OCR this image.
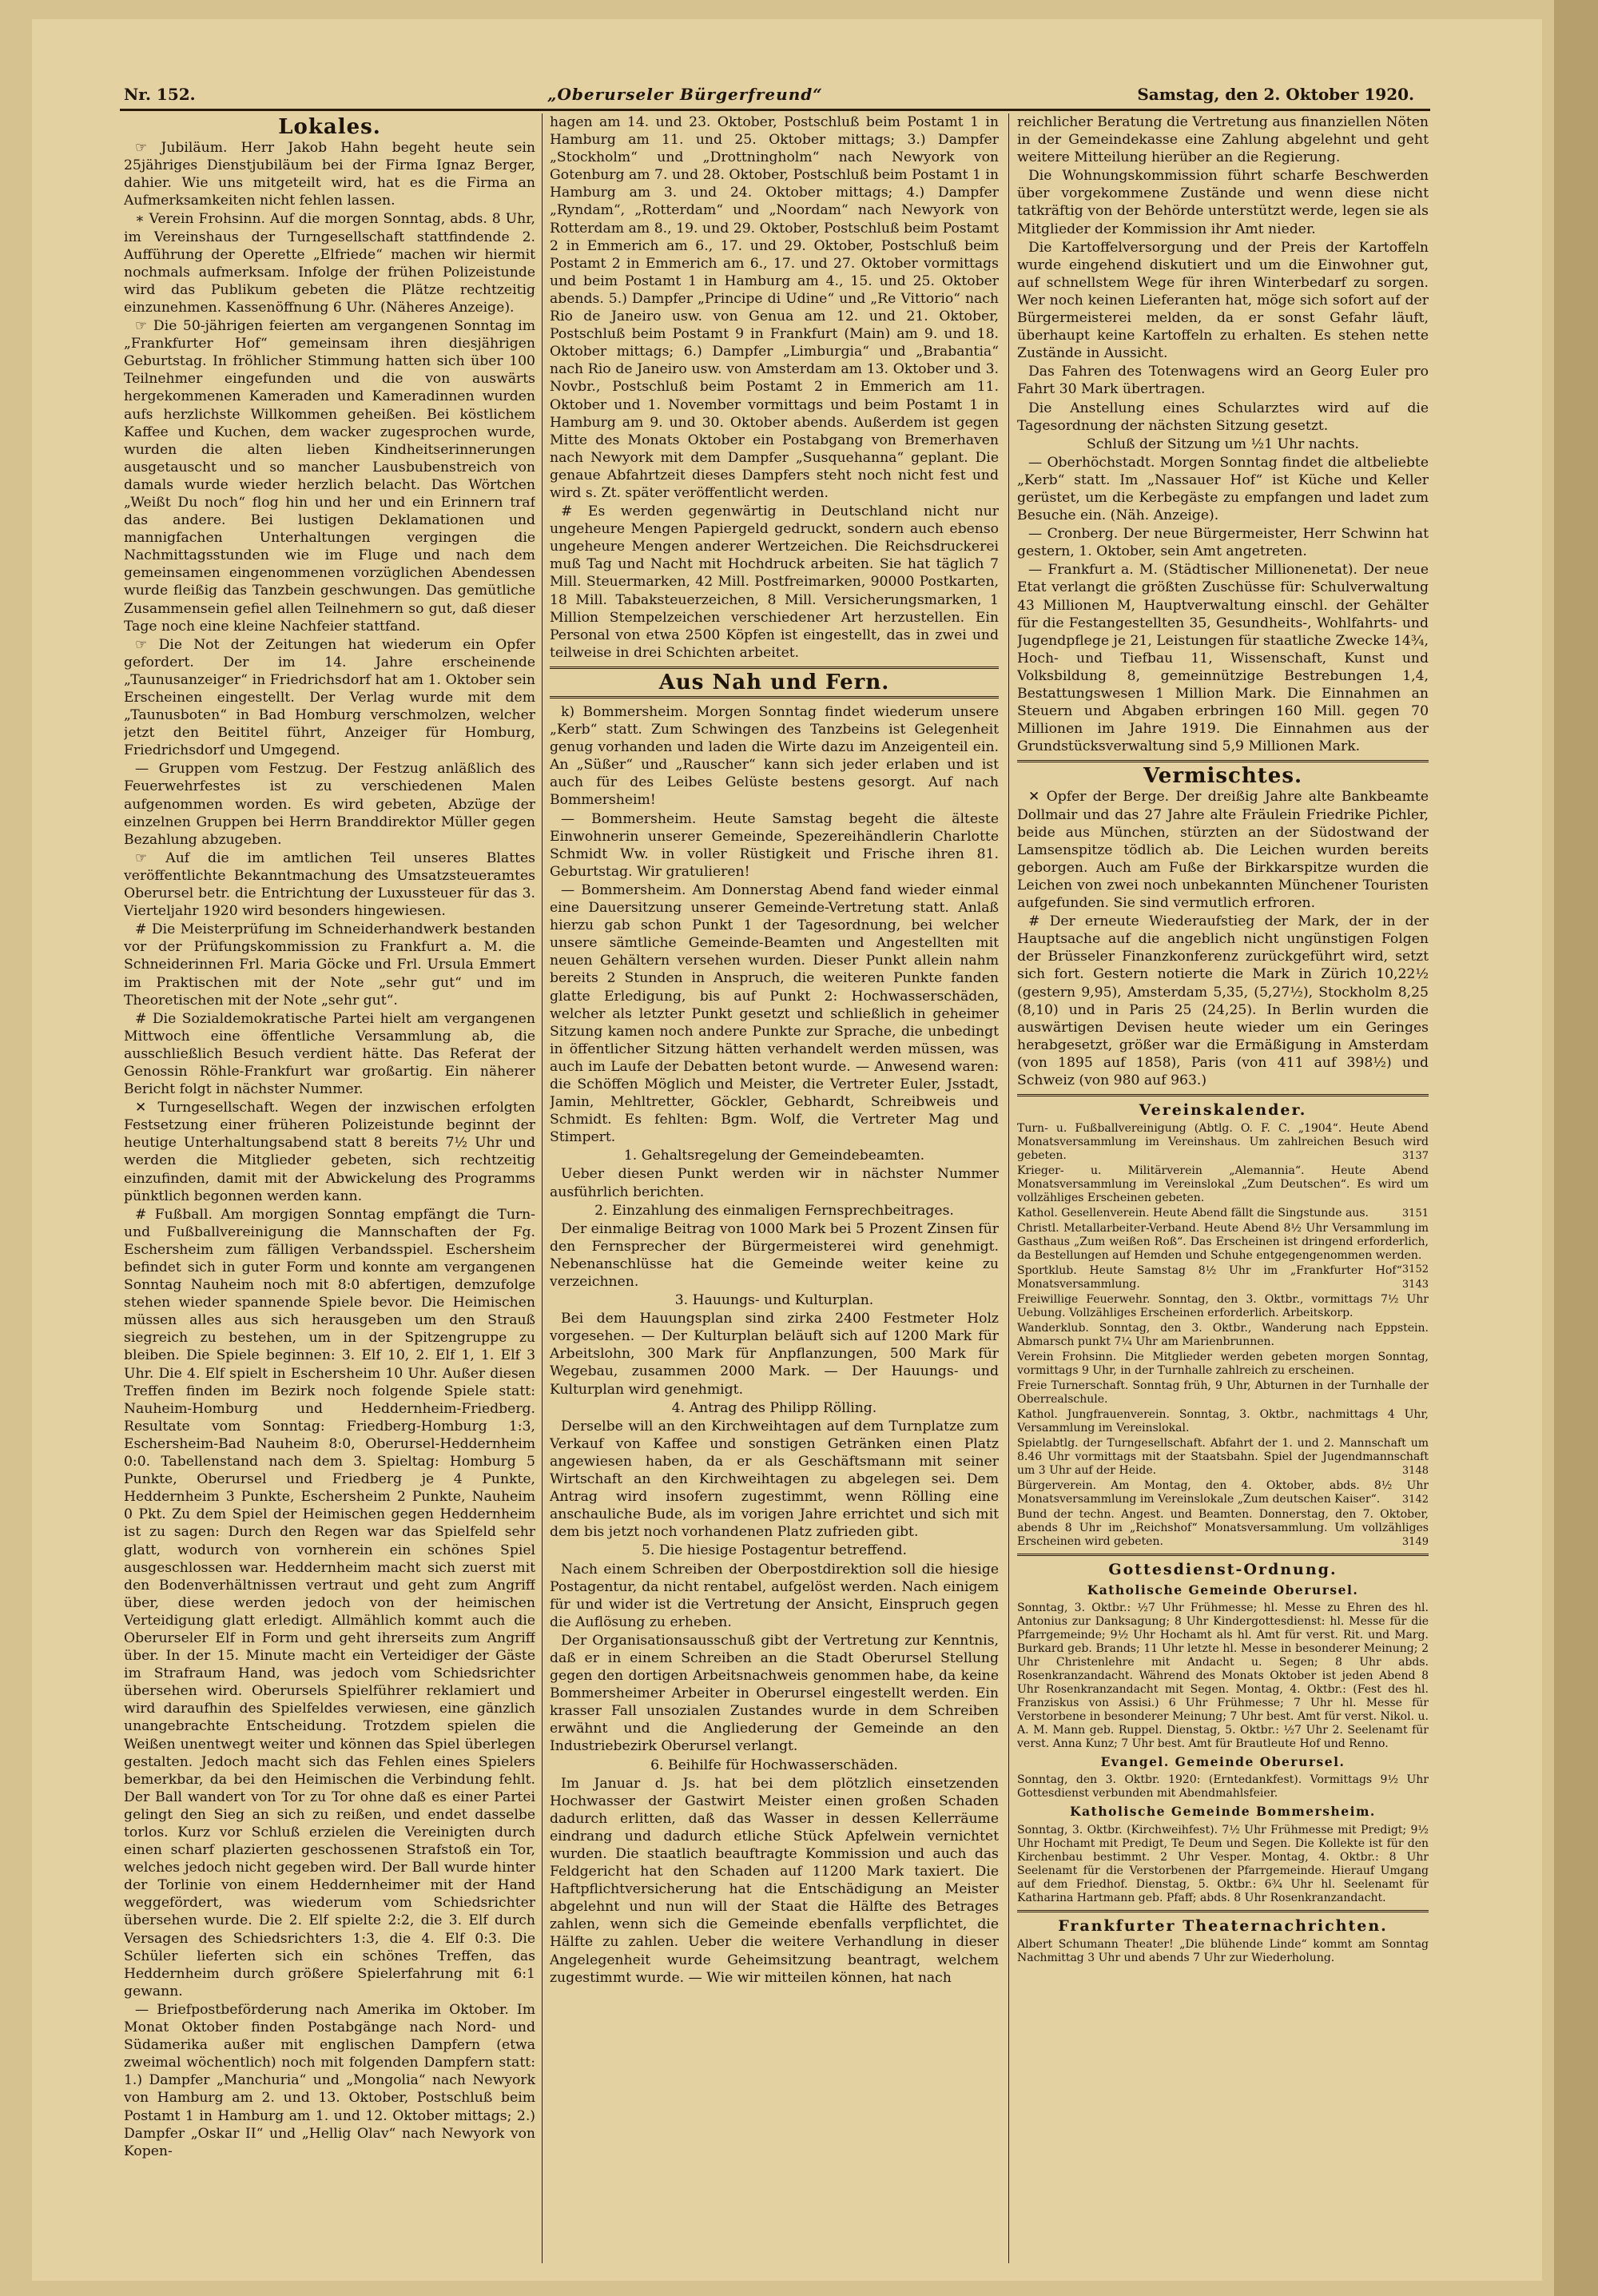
Nr. 152.	„Oberurseler Bürgerfreund“	Samstag, den 2. Oktober 1920.
Lokales.

☞ Jubiläum. Herr Jakob Hahn begeht heute sein 25jähriges Dienstjubiläum bei der Firma Ignaz Berger, dahier. Wie uns mitgeteilt wird, hat es die Firma an Aufmerksamkeiten nicht fehlen lassen.

∗ Verein Frohsinn. Auf die morgen Sonntag, abds. 8 Uhr, im Vereinshaus der Turngesellschaft stattfindende 2. Aufführung der Operette „Elfriede“ machen wir hiermit nochmals aufmerksam. Infolge der frühen Polizeistunde wird das Publikum gebeten die Plätze rechtzeitig einzunehmen. Kassenöffnung 6 Uhr. (Näheres Anzeige).

☞ Die 50-jährigen feierten am vergangenen Sonntag im „Frankfurter Hof“ gemeinsam ihren diesjährigen Geburtstag. In fröhlicher Stimmung hatten sich über 100 Teilnehmer eingefunden und die von auswärts hergekommenen Kameraden und Kameradinnen wurden aufs herzlichste Willkommen geheißen. Bei köstlichem Kaffee und Kuchen, dem wacker zugesprochen wurde, wurden die alten lieben Kindheitserinnerungen ausgetauscht und so mancher Lausbubenstreich von damals wurde wieder herzlich belacht. Das Wörtchen „Weißt Du noch“ flog hin und her und ein Erinnern traf das andere. Bei lustigen Deklamationen und mannigfachen Unterhaltungen vergingen die Nachmittagsstunden wie im Fluge und nach dem gemeinsamen eingenommenen vorzüglichen Abendessen wurde fleißig das Tanzbein geschwungen. Das gemütliche Zusammensein gefiel allen Teilnehmern so gut, daß dieser Tage noch eine kleine Nachfeier stattfand.

☞ Die Not der Zeitungen hat wiederum ein Opfer gefordert. Der im 14. Jahre erscheinende „Taunusanzeiger“ in Friedrichsdorf hat am 1. Oktober sein Erscheinen eingestellt. Der Verlag wurde mit dem „Taunusboten“ in Bad Homburg verschmolzen, welcher jetzt den Beititel führt, Anzeiger für Homburg, Friedrichsdorf und Umgegend.

— Gruppen vom Festzug. Der Festzug anläßlich des Feuerwehrfestes ist zu verschiedenen Malen aufgenommen worden. Es wird gebeten, Abzüge der einzelnen Gruppen bei Herrn Branddirektor Müller gegen Bezahlung abzugeben.

☞ Auf die im amtlichen Teil unseres Blattes veröffentlichte Bekanntmachung des Umsatzsteueramtes Oberursel betr. die Entrichtung der Luxussteuer für das 3. Vierteljahr 1920 wird besonders hingewiesen.

# Die Meisterprüfung im Schneiderhandwerk bestanden vor der Prüfungskommission zu Frankfurt a. M. die Schneiderinnen Frl. Maria Göcke und Frl. Ursula Emmert im Praktischen mit der Note „sehr gut“ und im Theoretischen mit der Note „sehr gut“.

# Die Sozialdemokratische Partei hielt am vergangenen Mittwoch eine öffentliche Versammlung ab, die ausschließlich Besuch verdient hätte. Das Referat der Genossin Röhle-Frankfurt war großartig. Ein näherer Bericht folgt in nächster Nummer.

✕ Turngesellschaft. Wegen der inzwischen erfolgten Festsetzung einer früheren Polizeistunde beginnt der heutige Unterhaltungsabend statt 8 bereits 7½ Uhr und werden die Mitglieder gebeten, sich rechtzeitig einzufinden, damit mit der Abwickelung des Programms pünktlich begonnen werden kann.

# Fußball. Am morgigen Sonntag empfängt die Turn- und Fußballvereinigung die Mannschaften der Fg. Eschersheim zum fälligen Verbandsspiel. Eschersheim befindet sich in guter Form und konnte am vergangenen Sonntag Nauheim noch mit 8:0 abfertigen, demzufolge stehen wieder spannende Spiele bevor. Die Heimischen müssen alles aus sich herausgeben um den Strauß siegreich zu bestehen, um in der Spitzengruppe zu bleiben. Die Spiele beginnen: 3. Elf 10, 2. Elf 1, 1. Elf 3 Uhr. Die 4. Elf spielt in Eschersheim 10 Uhr. Außer diesen Treffen finden im Bezirk noch folgende Spiele statt: Nauheim-Homburg und Heddernheim-Friedberg. Resultate vom Sonntag: Friedberg-Homburg 1:3, Eschersheim-Bad Nauheim 8:0, Oberursel-Heddernheim 0:0. Tabellenstand nach dem 3. Spieltag: Homburg 5 Punkte, Oberursel und Friedberg je 4 Punkte, Heddernheim 3 Punkte, Eschersheim 2 Punkte, Nauheim 0 Pkt. Zu dem Spiel der Heimischen gegen Heddernheim ist zu sagen: Durch den Regen war das Spielfeld sehr glatt, wodurch von vornherein ein schönes Spiel ausgeschlossen war. Heddernheim macht sich zuerst mit den Bodenverhältnissen vertraut und geht zum Angriff über, diese werden jedoch von der heimischen Verteidigung glatt erledigt. Allmählich kommt auch die Oberurseler Elf in Form und geht ihrerseits zum Angriff über. In der 15. Minute macht ein Verteidiger der Gäste im Strafraum Hand, was jedoch vom Schiedsrichter übersehen wird. Oberursels Spielführer reklamiert und wird daraufhin des Spielfeldes verwiesen, eine gänzlich unangebrachte Entscheidung. Trotzdem spielen die Weißen unentwegt weiter und können das Spiel überlegen gestalten. Jedoch macht sich das Fehlen eines Spielers bemerkbar, da bei den Heimischen die Verbindung fehlt. Der Ball wandert von Tor zu Tor ohne daß es einer Partei gelingt den Sieg an sich zu reißen, und endet dasselbe torlos. Kurz vor Schluß erzielen die Vereinigten durch einen scharf plazierten geschossenen Strafstoß ein Tor, welches jedoch nicht gegeben wird. Der Ball wurde hinter der Torlinie von einem Heddernheimer mit der Hand weggefördert, was wiederum vom Schiedsrichter übersehen wurde. Die 2. Elf spielte 2:2, die 3. Elf durch Versagen des Schiedsrichters 1:3, die 4. Elf 0:3. Die Schüler lieferten sich ein schönes Treffen, das Heddernheim durch größere Spielerfahrung mit 6:1 gewann.

— Briefpostbeförderung nach Amerika im Oktober. Im Monat Oktober finden Postabgänge nach Nord- und Südamerika außer mit englischen Dampfern (etwa zweimal wöchentlich) noch mit folgenden Dampfern statt: 1.) Dampfer „Manchuria“ und „Mongolia“ nach Newyork von Hamburg am 2. und 13. Oktober, Postschluß beim Postamt 1 in Hamburg am 1. und 12. Oktober mittags; 2.) Dampfer „Oskar II“ und „Hellig Olav“ nach Newyork von Kopen-

hagen am 14. und 23. Oktober, Postschluß beim Postamt 1 in Hamburg am 11. und 25. Oktober mittags; 3.) Dampfer „Stockholm“ und „Drottningholm“ nach Newyork von Gotenburg am 7. und 28. Oktober, Postschluß beim Postamt 1 in Hamburg am 3. und 24. Oktober mittags; 4.) Dampfer „Ryndam“, „Rotterdam“ und „Noordam“ nach Newyork von Rotterdam am 8., 19. und 29. Oktober, Postschluß beim Postamt 2 in Emmerich am 6., 17. und 29. Oktober, Postschluß beim Postamt 2 in Emmerich am 6., 17. und 27. Oktober vormittags und beim Postamt 1 in Hamburg am 4., 15. und 25. Oktober abends. 5.) Dampfer „Principe di Udine“ und „Re Vittorio“ nach Rio de Janeiro usw. von Genua am 12. und 21. Oktober, Postschluß beim Postamt 9 in Frankfurt (Main) am 9. und 18. Oktober mittags; 6.) Dampfer „Limburgia“ und „Brabantia“ nach Rio de Janeiro usw. von Amsterdam am 13. Oktober und 3. Novbr., Postschluß beim Postamt 2 in Emmerich am 11. Oktober und 1. November vormittags und beim Postamt 1 in Hamburg am 9. und 30. Oktober abends. Außerdem ist gegen Mitte des Monats Oktober ein Postabgang von Bremerhaven nach Newyork mit dem Dampfer „Susquehanna“ geplant. Die genaue Abfahrtzeit dieses Dampfers steht noch nicht fest und wird s. Zt. später veröffentlicht werden.

# Es werden gegenwärtig in Deutschland nicht nur ungeheure Mengen Papiergeld gedruckt, sondern auch ebenso ungeheure Mengen anderer Wertzeichen. Die Reichsdruckerei muß Tag und Nacht mit Hochdruck arbeiten. Sie hat täglich 7 Mill. Steuermarken, 42 Mill. Postfreimarken, 90000 Postkarten, 18 Mill. Tabaksteuerzeichen, 8 Mill. Versicherungsmarken, 1 Million Stempelzeichen verschiedener Art herzustellen. Ein Personal von etwa 2500 Köpfen ist eingestellt, das in zwei und teilweise in drei Schichten arbeitet.

Aus Nah und Fern.

k) Bommersheim. Morgen Sonntag findet wiederum unsere „Kerb“ statt. Zum Schwingen des Tanzbeins ist Gelegenheit genug vorhanden und laden die Wirte dazu im Anzeigenteil ein. An „Süßer“ und „Rauscher“ kann sich jeder erlaben und ist auch für des Leibes Gelüste bestens gesorgt. Auf nach Bommersheim!

— Bommersheim. Heute Samstag begeht die älteste Einwohnerin unserer Gemeinde, Spezereihändlerin Charlotte Schmidt Ww. in voller Rüstigkeit und Frische ihren 81. Geburtstag. Wir gratulieren!

— Bommersheim. Am Donnerstag Abend fand wieder einmal eine Dauersitzung unserer Gemeinde-Vertretung statt. Anlaß hierzu gab schon Punkt 1 der Tagesordnung, bei welcher unsere sämtliche Gemeinde-Beamten und Angestellten mit neuen Gehältern versehen wurden. Dieser Punkt allein nahm bereits 2 Stunden in Anspruch, die weiteren Punkte fanden glatte Erledigung, bis auf Punkt 2: Hochwasserschäden, welcher als letzter Punkt gesetzt und schließlich in geheimer Sitzung kamen noch andere Punkte zur Sprache, die unbedingt in öffentlicher Sitzung hätten verhandelt werden müssen, was auch im Laufe der Debatten betont wurde. — Anwesend waren: die Schöffen Möglich und Meister, die Vertreter Euler, Jsstadt, Jamin, Mehltretter, Göckler, Gebhardt, Schreibweis und Schmidt. Es fehlten: Bgm. Wolf, die Vertreter Mag und Stimpert.

1. Gehaltsregelung der Gemeindebeamten.

Ueber diesen Punkt werden wir in nächster Nummer ausführlich berichten.

2. Einzahlung des einmaligen Fernsprechbeitrages.

Der einmalige Beitrag von 1000 Mark bei 5 Prozent Zinsen für den Fernsprecher der Bürgermeisterei wird genehmigt. Nebenanschlüsse hat die Gemeinde weiter keine zu verzeichnen.

3. Hauungs- und Kulturplan.

Bei dem Hauungsplan sind zirka 2400 Festmeter Holz vorgesehen. — Der Kulturplan beläuft sich auf 1200 Mark für Arbeitslohn, 300 Mark für Anpflanzungen, 500 Mark für Wegebau, zusammen 2000 Mark. — Der Hauungs- und Kulturplan wird genehmigt.

4. Antrag des Philipp Rölling.

Derselbe will an den Kirchweihtagen auf dem Turnplatze zum Verkauf von Kaffee und sonstigen Getränken einen Platz angewiesen haben, da er als Geschäftsmann mit seiner Wirtschaft an den Kirchweihtagen zu abgelegen sei. Dem Antrag wird insofern zugestimmt, wenn Rölling eine anschauliche Bude, als im vorigen Jahre errichtet und sich mit dem bis jetzt noch vorhandenen Platz zufrieden gibt.

5. Die hiesige Postagentur betreffend.

Nach einem Schreiben der Oberpostdirektion soll die hiesige Postagentur, da nicht rentabel, aufgelöst werden. Nach einigem für und wider ist die Vertretung der Ansicht, Einspruch gegen die Auflösung zu erheben.

Der Organisationsausschuß gibt der Vertretung zur Kenntnis, daß er in einem Schreiben an die Stadt Oberursel Stellung gegen den dortigen Arbeitsnachweis genommen habe, da keine Bommersheimer Arbeiter in Oberursel eingestellt werden. Ein krasser Fall unsozialen Zustandes wurde in dem Schreiben erwähnt und die Angliederung der Gemeinde an den Industriebezirk Oberursel verlangt.

6. Beihilfe für Hochwasserschäden.

Im Januar d. Js. hat bei dem plötzlich einsetzenden Hochwasser der Gastwirt Meister einen großen Schaden dadurch erlitten, daß das Wasser in dessen Kellerräume eindrang und dadurch etliche Stück Apfelwein vernichtet wurden. Die staatlich beauftragte Kommission und auch das Feldgericht hat den Schaden auf 11200 Mark taxiert. Die Haftpflichtversicherung hat die Entschädigung an Meister abgelehnt und nun will der Staat die Hälfte des Betrages zahlen, wenn sich die Gemeinde ebenfalls verpflichtet, die Hälfte zu zahlen. Ueber die weitere Verhandlung in dieser Angelegenheit wurde Geheimsitzung beantragt, welchem zugestimmt wurde. — Wie wir mitteilen können, hat nach

reichlicher Beratung die Vertretung aus finanziellen Nöten in der Gemeindekasse eine Zahlung abgelehnt und geht weitere Mitteilung hierüber an die Regierung.

Die Wohnungskommission führt scharfe Beschwerden über vorgekommene Zustände und wenn diese nicht tatkräftig von der Behörde unterstützt werde, legen sie als Mitglieder der Kommission ihr Amt nieder.

Die Kartoffelversorgung und der Preis der Kartoffeln wurde eingehend diskutiert und um die Einwohner gut, auf schnellstem Wege für ihren Winterbedarf zu sorgen. Wer noch keinen Lieferanten hat, möge sich sofort auf der Bürgermeisterei melden, da er sonst Gefahr läuft, überhaupt keine Kartoffeln zu erhalten. Es stehen nette Zustände in Aussicht.

Das Fahren des Totenwagens wird an Georg Euler pro Fahrt 30 Mark übertragen.

Die Anstellung eines Schularztes wird auf die Tagesordnung der nächsten Sitzung gesetzt.

Schluß der Sitzung um ½1 Uhr nachts.

— Oberhöchstadt. Morgen Sonntag findet die altbeliebte „Kerb“ statt. Im „Nassauer Hof“ ist Küche und Keller gerüstet, um die Kerbegäste zu empfangen und ladet zum Besuche ein. (Näh. Anzeige).

— Cronberg. Der neue Bürgermeister, Herr Schwinn hat gestern, 1. Oktober, sein Amt angetreten.

— Frankfurt a. M. (Städtischer Millionenetat). Der neue Etat verlangt die größten Zuschüsse für: Schulverwaltung 43 Millionen M, Hauptverwaltung einschl. der Gehälter für die Festangestellten 35, Gesundheits-, Wohlfahrts- und Jugendpflege je 21, Leistungen für staatliche Zwecke 14¾, Hoch- und Tiefbau 11, Wissenschaft, Kunst und Volksbildung 8, gemeinnützige Bestrebungen 1,4, Bestattungswesen 1 Million Mark. Die Einnahmen an Steuern und Abgaben erbringen 160 Mill. gegen 70 Millionen im Jahre 1919. Die Einnahmen aus der Grundstücksverwaltung sind 5,9 Millionen Mark.

Vermischtes.

✕ Opfer der Berge. Der dreißig Jahre alte Bankbeamte Dollmair und das 27 Jahre alte Fräulein Friedrike Pichler, beide aus München, stürzten an der Südostwand der Lamsenspitze tödlich ab. Die Leichen wurden bereits geborgen. Auch am Fuße der Birkkarspitze wurden die Leichen von zwei noch unbekannten Münchener Touristen aufgefunden. Sie sind vermutlich erfroren.

# Der erneute Wiederaufstieg der Mark, der in der Hauptsache auf die angeblich nicht ungünstigen Folgen der Brüsseler Finanzkonferenz zurückgeführt wird, setzt sich fort. Gestern notierte die Mark in Zürich 10,22½ (gestern 9,95), Amsterdam 5,35, (5,27½), Stockholm 8,25 (8,10) und in Paris 25 (24,25). In Berlin wurden die auswärtigen Devisen heute wieder um ein Geringes herabgesetzt, größer war die Ermäßigung in Amsterdam (von 1895 auf 1858), Paris (von 411 auf 398½) und Schweiz (von 980 auf 963.)

Vereinskalender.

Turn- u. Fußballvereinigung (Abtlg. O. F. C. „1904“. Heute Abend Monatsversammlung im Vereinshaus. Um zahlreichen Besuch wird gebeten.	3137

Krieger- u. Militärverein „Alemannia“. Heute Abend Monatsversammlung im Vereinslokal „Zum Deutschen“. Es wird um vollzähliges Erscheinen gebeten.

Kathol. Gesellenverein. Heute Abend fällt die Singstunde aus.	3151

Christl. Metallarbeiter-Verband. Heute Abend 8½ Uhr Versammlung im Gasthaus „Zum weißen Roß“. Das Erscheinen ist dringend erforderlich, da Bestellungen auf Hemden und Schuhe entgegengenommen werden.
3152

Sportklub. Heute Samstag 8½ Uhr im „Frankfurter Hof“ Monatsversammlung.	3143

Freiwillige Feuerwehr. Sonntag, den 3. Oktbr., vormittags 7½ Uhr Uebung. Vollzähliges Erscheinen erforderlich. Arbeitskorp.

Wanderklub. Sonntag, den 3. Oktbr., Wanderung nach Eppstein. Abmarsch punkt 7¼ Uhr am Marienbrunnen.

Verein Frohsinn. Die Mitglieder werden gebeten morgen Sonntag, vormittags 9 Uhr, in der Turnhalle zahlreich zu erscheinen.

Freie Turnerschaft. Sonntag früh, 9 Uhr, Abturnen in der Turnhalle der Oberrealschule.

Kathol. Jungfrauenverein. Sonntag, 3. Oktbr., nachmittags 4 Uhr, Versammlung im Vereinslokal.

Spielabtlg. der Turngesellschaft. Abfahrt der 1. und 2. Mannschaft um 8.46 Uhr vormittags mit der Staatsbahn. Spiel der Jugendmannschaft um 3 Uhr auf der Heide.	3148

Bürgerverein. Am Montag, den 4. Oktober, abds. 8½ Uhr Monatsversammlung im Vereinslokale „Zum deutschen Kaiser“. 3142

Bund der techn. Angest. und Beamten. Donnerstag, den 7. Oktober, abends 8 Uhr im „Reichshof“ Monatsversammlung. Um vollzähliges Erscheinen wird gebeten.	3149

Gottesdienst-Ordnung.
Katholische Gemeinde Oberursel.

Sonntag, 3. Oktbr.: ½7 Uhr Frühmesse; hl. Messe zu Ehren des hl. Antonius zur Danksagung; 8 Uhr Kindergottesdienst: hl. Messe für die Pfarrgemeinde; 9½ Uhr Hochamt als hl. Amt für verst. Rit. und Marg. Burkard geb. Brands; 11 Uhr letzte hl. Messe in besonderer Meinung; 2 Uhr Christenlehre mit Andacht u. Segen; 8 Uhr abds. Rosenkranzandacht. Während des Monats Oktober ist jeden Abend 8 Uhr Rosenkranzandacht mit Segen. Montag, 4. Oktbr.: (Fest des hl. Franziskus von Assisi.) 6 Uhr Frühmesse; 7 Uhr hl. Messe für Verstorbene in besonderer Meinung; 7 Uhr best. Amt für verst. Nikol. u. A. M. Mann geb. Ruppel. Dienstag, 5. Oktbr.: ½7 Uhr 2. Seelenamt für verst. Anna Kunz; 7 Uhr best. Amt für Brautleute Hof und Renno.

Evangel. Gemeinde Oberursel.

Sonntag, den 3. Oktbr. 1920: (Erntedankfest). Vormittags 9½ Uhr Gottesdienst verbunden mit Abendmahlsfeier.

Katholische Gemeinde Bommersheim.

Sonntag, 3. Oktbr. (Kirchweihfest). 7½ Uhr Frühmesse mit Predigt; 9½ Uhr Hochamt mit Predigt, Te Deum und Segen. Die Kollekte ist für den Kirchenbau bestimmt. 2 Uhr Vesper. Montag, 4. Oktbr.: 8 Uhr Seelenamt für die Verstorbenen der Pfarrgemeinde. Hierauf Umgang auf dem Friedhof. Dienstag, 5. Oktbr.: 6¾ Uhr hl. Seelenamt für Katharina Hartmann geb. Pfaff; abds. 8 Uhr Rosenkranzandacht.

Frankfurter Theaternachrichten.

Albert Schumann Theater! „Die blühende Linde“ kommt am Sonntag Nachmittag 3 Uhr und abends 7 Uhr zur Wiederholung.
